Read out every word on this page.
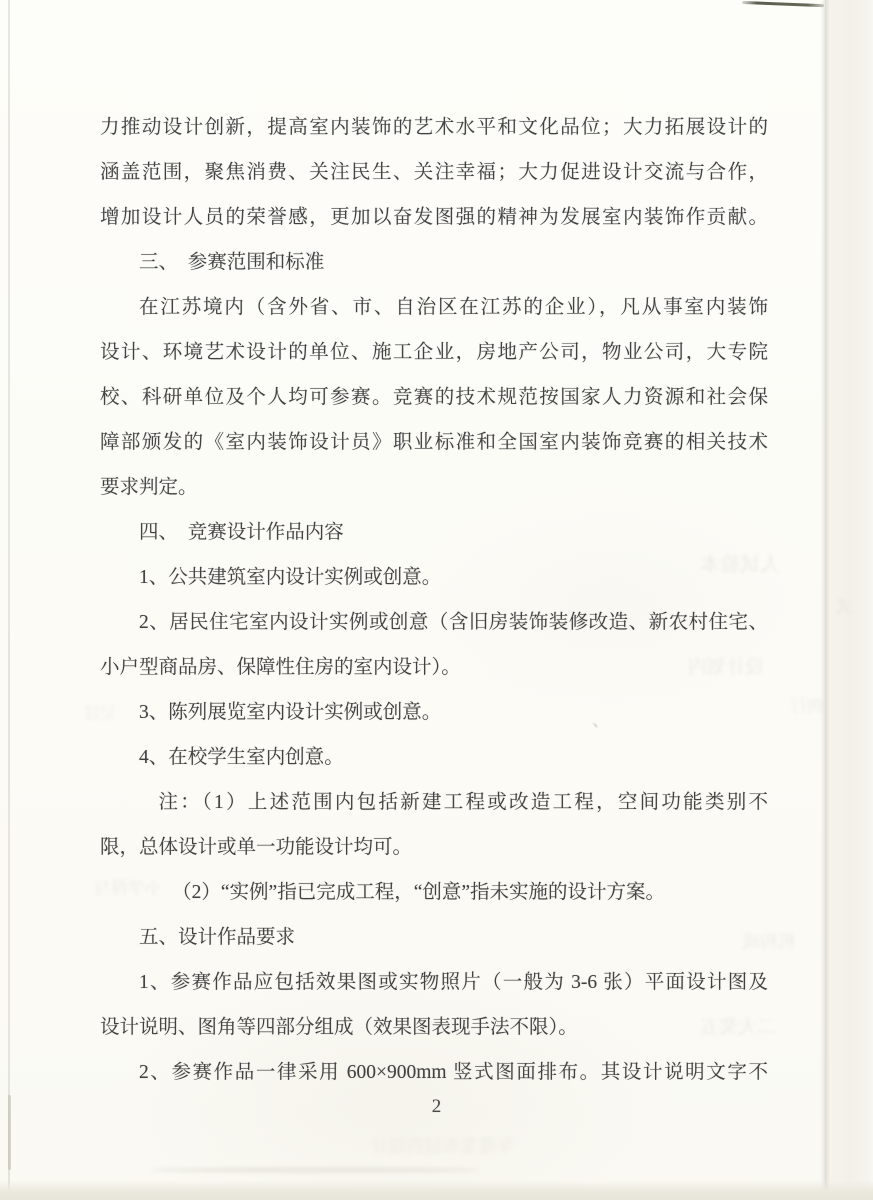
力推动设计创新，提高室内装饰的艺术水平和文化品位；大力拓展设计的
涵盖范围，聚焦消费、关注民生、关注幸福；大力促进设计交流与合作，
增加设计人员的荣誉感，更加以奋发图强的精神为发展室内装饰作贡献。
三、　参赛范围和标准
在江苏境内（含外省、市、自治区在江苏的企业），凡从事室内装饰
设计、环境艺术设计的单位、施工企业，房地产公司，物业公司，大专院
校、科研单位及个人均可参赛。竞赛的技术规范按国家人力资源和社会保
障部颁发的《室内装饰设计员》职业标准和全国室内装饰竞赛的相关技术
要求判定。
四、　竞赛设计作品内容
1、公共建筑室内设计实例或创意。
2、居民住宅室内设计实例或创意（含旧房装饰装修改造、新农村住宅、
小户型商品房、保障性住房的室内设计）。
3、陈列展览室内设计实例或创意。
4、在校学生室内创意。
注：（1）上述范围内包括新建工程或改造工程，空间功能类别不
限，总体设计或单一功能设计均可。
（2）“实例”指已完成工程，“创意”指未实施的设计方案。
五、设计作品要求
1、参赛作品应包括效果图或实物照片（一般为 3-6 张）平面设计图及
设计说明、图角等四部分组成（效果图表现手法不限）。
2、参赛作品一律采用 600×900mm 竖式图面排布。其设计说明文字不
2
人试验本
设计划内
例行
记过	、
小学得与
机构成
二大奖五
年度发布过的设计
